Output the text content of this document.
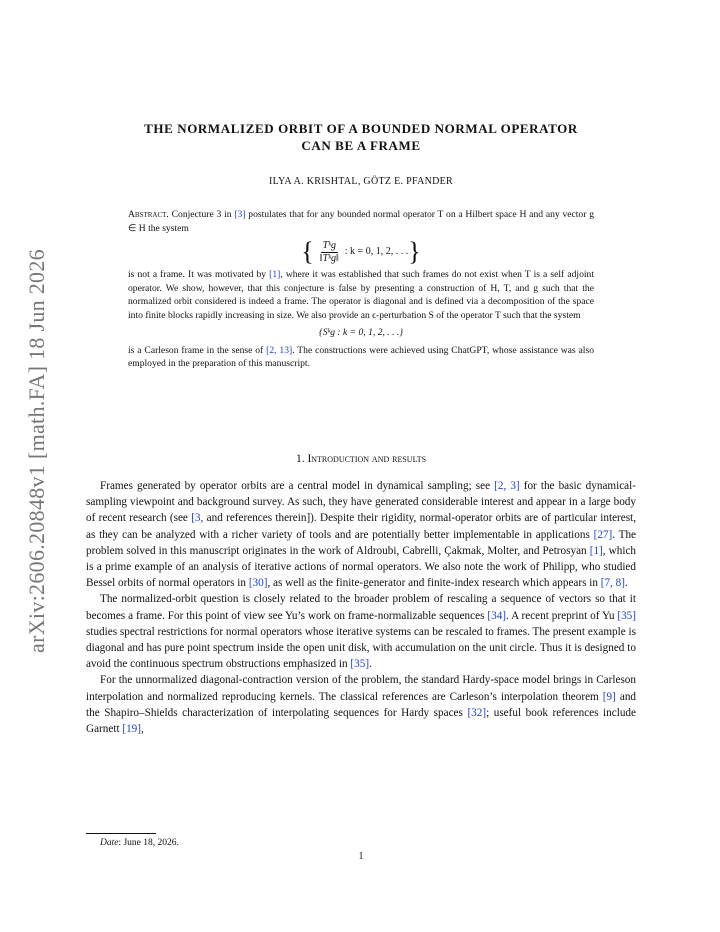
arXiv:2606.20848v1 [math.FA] 18 Jun 2026
THE NORMALIZED ORBIT OF A BOUNDED NORMAL OPERATOR
CAN BE A FRAME
ILYA A. KRISHTAL, GÖTZ E. PFANDER

Abstract. Conjecture 3 in [3] postulates that for any bounded normal operator T on a Hilbert space H and any vector g ∈ H the system

{ $\frac{\text{Tᵏg}}{\text{‖Tᵏg‖}}$ : k = 0, 1, 2, . . . }

is not a frame. It was motivated by [1], where it was established that such frames do not exist when T is a self adjoint operator. We show, however, that this conjecture is false by presenting a construction of H, T, and g such that the normalized orbit considered is indeed a frame. The operator is diagonal and is defined via a decomposition of the space into finite blocks rapidly increasing in size. We also provide an ϵ-perturbation S of the operator T such that the system

{Sᵏg : k = 0, 1, 2, . . .}

is a Carleson frame in the sense of [2, 13]. The constructions were achieved using ChatGPT, whose assistance was also employed in the preparation of this manuscript.

1. Introduction and results

Frames generated by operator orbits are a central model in dynamical sampling; see [2, 3] for the basic dynamical-sampling viewpoint and background survey. As such, they have generated considerable interest and appear in a large body of recent research (see [3, and references therein]). Despite their rigidity, normal-operator orbits are of particular interest, as they can be analyzed with a richer variety of tools and are potentially better implementable in applications [27]. The problem solved in this manuscript originates in the work of Aldroubi, Cabrelli, Çakmak, Molter, and Petrosyan [1], which is a prime example of an analysis of iterative actions of normal operators. We also note the work of Philipp, who studied Bessel orbits of normal operators in [30], as well as the finite-generator and finite-index research which appears in [7, 8].

The normalized-orbit question is closely related to the broader problem of rescaling a sequence of vectors so that it becomes a frame. For this point of view see Yu’s work on frame-normalizable sequences [34]. A recent preprint of Yu [35] studies spectral restrictions for normal operators whose iterative systems can be rescaled to frames. The present example is diagonal and has pure point spectrum inside the open unit disk, with accumulation on the unit circle. Thus it is designed to avoid the continuous spectrum obstructions emphasized in [35].

For the unnormalized diagonal-contraction version of the problem, the standard Hardy-space model brings in Carleson interpolation and normalized reproducing kernels. The classical references are Carleson’s interpolation theorem [9] and the Shapiro–Shields characterization of interpolating sequences for Hardy spaces [32]; useful book references include Garnett [19],

Date: June 18, 2026.
1
